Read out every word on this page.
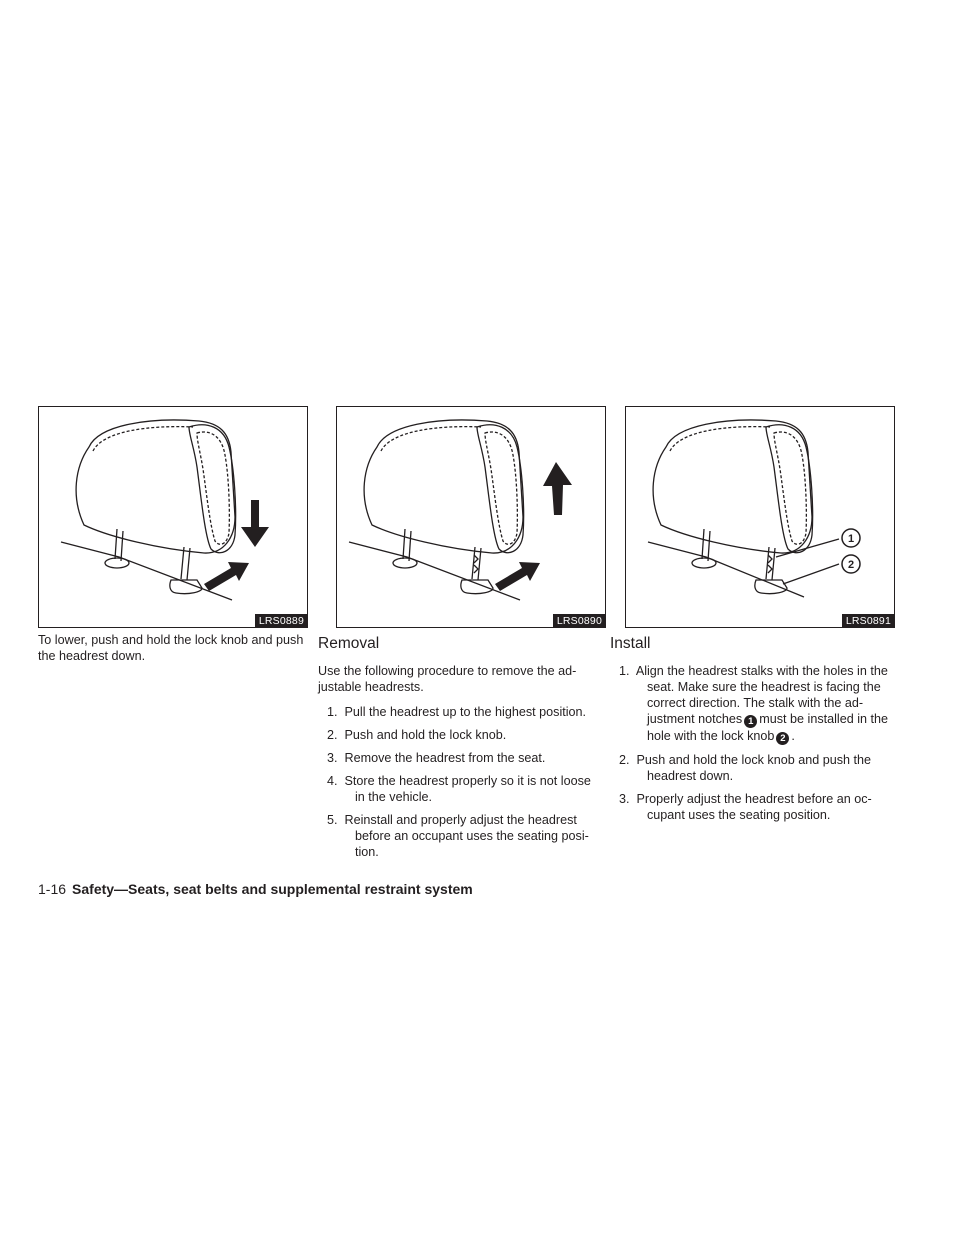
LRS0889	LRS0890
1
2
LRS0891

To lower, push and hold the lock knob and push the headrest down.

Removal

Use the following procedure to remove the ad-justable headrests.

1. Pull the headrest up to the highest position.
2. Push and hold the lock knob.
3. Remove the headrest from the seat.
4. Store the headrest properly so it is not loose in the vehicle.
5. Reinstall and properly adjust the headrest before an occupant uses the seating posi-tion.
Install
1. Align the headrest stalks with the holes in the seat. Make sure the headrest is facing the correct direction. The stalk with the ad-justment notches 1 must be installed in the hole with the lock knob 2 .
2. Push and hold the lock knob and push the headrest down.
3. Properly adjust the headrest before an oc-cupant uses the seating position.
1-16 Safety—Seats, seat belts and supplemental restraint system
